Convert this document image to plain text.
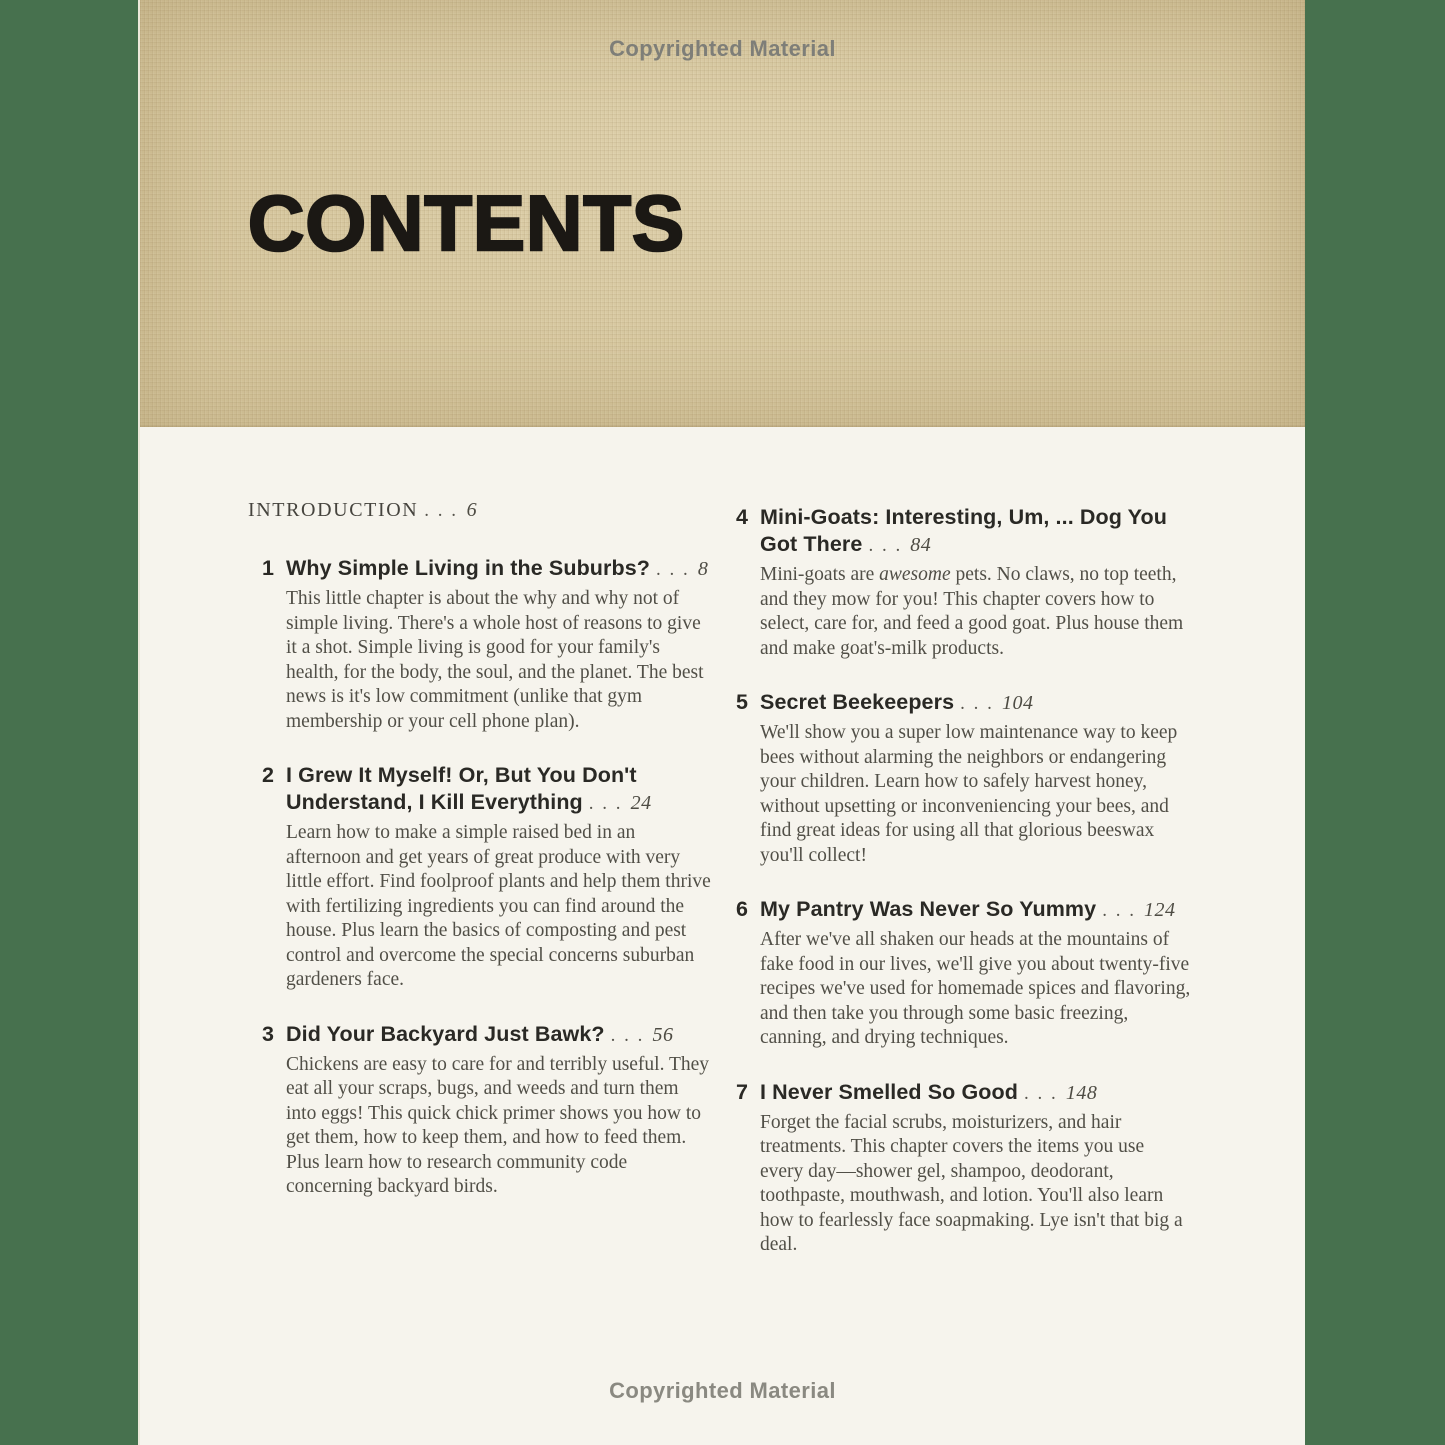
Copyrighted Material
CONTENTS

INTRODUCTION . . . 6

1 Why Simple Living in the Suburbs? . . . 8

This little chapter is about the why and why not of simple living. There's a whole host of reasons to give it a shot. Simple living is good for your family's health, for the body, the soul, and the planet. The best news is it's low commitment (unlike that gym membership or your cell phone plan).

2 I Grew It Myself! Or, But You Don't Understand, I Kill Everything . . . 24

Learn how to make a simple raised bed in an afternoon and get years of great produce with very little effort. Find foolproof plants and help them thrive with fertilizing ingredients you can find around the house. Plus learn the basics of composting and pest control and overcome the special concerns suburban gardeners face.

3 Did Your Backyard Just Bawk? . . . 56

Chickens are easy to care for and terribly useful. They eat all your scraps, bugs, and weeds and turn them into eggs! This quick chick primer shows you how to get them, how to keep them, and how to feed them. Plus learn how to research community code concerning backyard birds.

4 Mini-Goats: Interesting, Um, ... Dog You Got There . . . 84

Mini-goats are awesome pets. No claws, no top teeth, and they mow for you! This chapter covers how to select, care for, and feed a good goat. Plus house them and make goat's-milk products.

5 Secret Beekeepers . . . 104

We'll show you a super low maintenance way to keep bees without alarming the neighbors or endangering your children. Learn how to safely harvest honey, without upsetting or inconveniencing your bees, and find great ideas for using all that glorious beeswax you'll collect!

6 My Pantry Was Never So Yummy . . . 124

After we've all shaken our heads at the mountains of fake food in our lives, we'll give you about twenty-five recipes we've used for homemade spices and flavoring, and then take you through some basic freezing, canning, and drying techniques.

7 I Never Smelled So Good . . . 148

Forget the facial scrubs, moisturizers, and hair treatments. This chapter covers the items you use every day—shower gel, shampoo, deodorant, toothpaste, mouthwash, and lotion. You'll also learn how to fearlessly face soapmaking. Lye isn't that big a deal.

Copyrighted Material
